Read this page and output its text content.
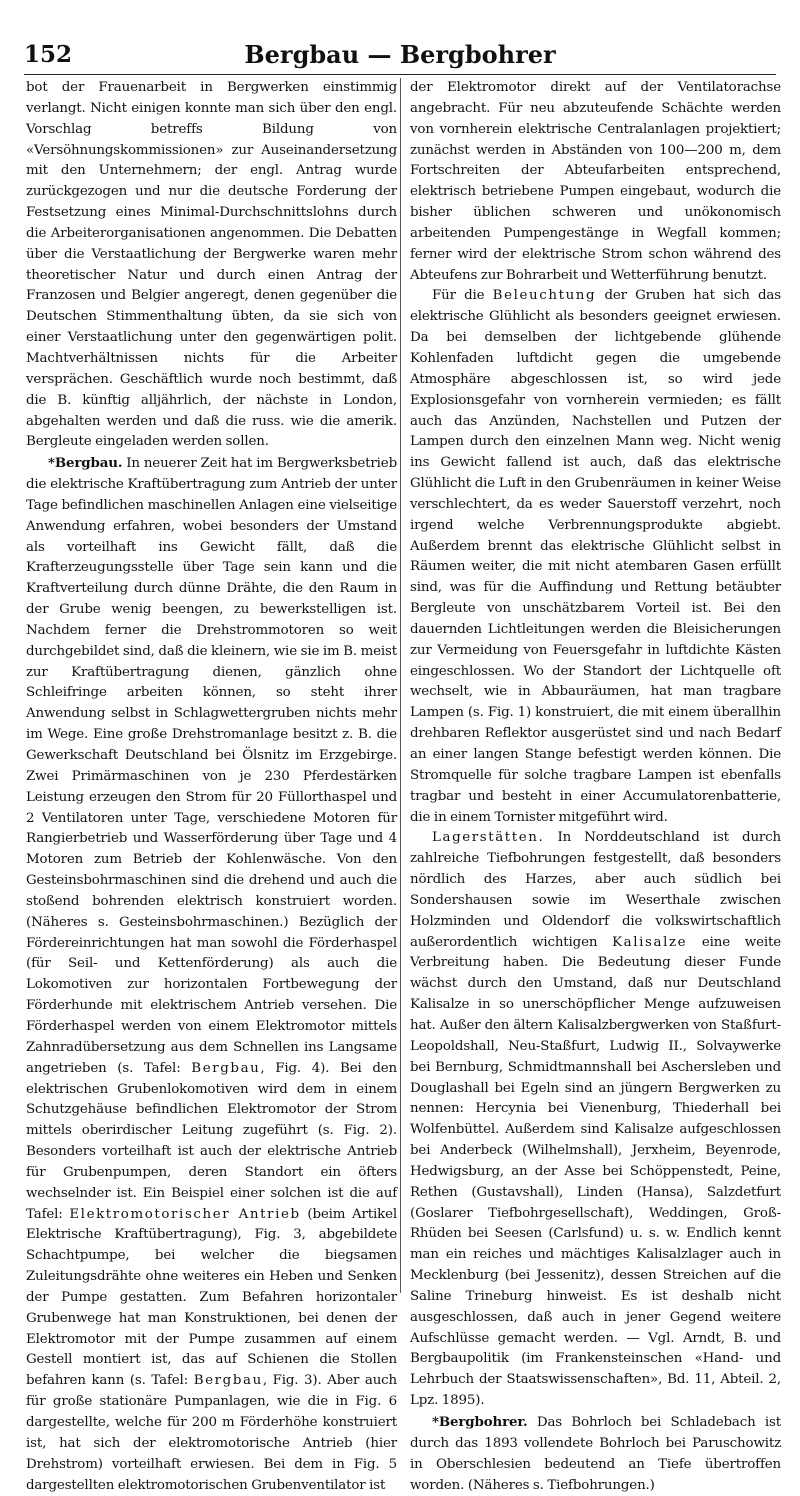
152	Bergbau — Bergbohrer

bot der Frauenarbeit in Bergwerken einstimmig verlangt. Nicht einigen konnte man sich über den engl. Vorschlag betreffs Bildung von «Versöhnungskommissionen» zur Auseinandersetzung mit den Unternehmern; der engl. Antrag wurde zurückgezogen und nur die deutsche Forderung der Festsetzung eines Minimal-Durchschnittslohns durch die Arbeiterorganisationen angenommen. Die Debatten über die Verstaatlichung der Bergwerke waren mehr theoretischer Natur und durch einen Antrag der Franzosen und Belgier angeregt, denen gegenüber die Deutschen Stimmenthaltung übten, da sie sich von einer Verstaatlichung unter den gegenwärtigen polit. Machtverhältnissen nichts für die Arbeiter versprächen. Geschäftlich wurde noch bestimmt, daß die B. künftig alljährlich, der nächste in London, abgehalten werden und daß die russ. wie die amerik. Bergleute eingeladen werden sollen.

*Bergbau. In neuerer Zeit hat im Bergwerksbetrieb die elektrische Kraftübertragung zum Antrieb der unter Tage befindlichen maschinellen Anlagen eine vielseitige Anwendung erfahren, wobei besonders der Umstand als vorteilhaft ins Gewicht fällt, daß die Krafterzeugungsstelle über Tage sein kann und die Kraftverteilung durch dünne Drähte, die den Raum in der Grube wenig beengen, zu bewerkstelligen ist. Nachdem ferner die Drehstrommotoren so weit durchgebildet sind, daß die kleinern, wie sie im B. meist zur Kraftübertragung dienen, gänzlich ohne Schleifringe arbeiten können, so steht ihrer Anwendung selbst in Schlagwettergruben nichts mehr im Wege. Eine große Drehstromanlage besitzt z. B. die Gewerkschaft Deutschland bei Ölsnitz im Erzgebirge. Zwei Primärmaschinen von je 230 Pferdestärken Leistung erzeugen den Strom für 20 Füllorthaspel und 2 Ventilatoren unter Tage, verschiedene Motoren für Rangierbetrieb und Wasserförderung über Tage und 4 Motoren zum Betrieb der Kohlenwäsche. Von den Gesteinsbohrmaschinen sind die drehend und auch die stoßend bohrenden elektrisch konstruiert worden. (Näheres s. Gesteinsbohrmaschinen.) Bezüglich der Fördereinrichtungen hat man sowohl die Förderhaspel (für Seil- und Kettenförderung) als auch die Lokomotiven zur horizontalen Fortbewegung der Förderhunde mit elektrischem Antrieb versehen. Die Förderhaspel werden von einem Elektromotor mittels Zahnradübersetzung aus dem Schnellen ins Langsame angetrieben (s. Tafel: Bergbau, Fig. 4). Bei den elektrischen Grubenlokomotiven wird dem in einem Schutzgehäuse befindlichen Elektromotor der Strom mittels oberirdischer Leitung zugeführt (s. Fig. 2). Besonders vorteilhaft ist auch der elektrische Antrieb für Grubenpumpen, deren Standort ein öfters wechselnder ist. Ein Beispiel einer solchen ist die auf Tafel: Elektromotorischer Antrieb (beim Artikel Elektrische Kraftübertragung), Fig. 3, abgebildete Schachtpumpe, bei welcher die biegsamen Zuleitungsdrähte ohne weiteres ein Heben und Senken der Pumpe gestatten. Zum Befahren horizontaler Grubenwege hat man Konstruktionen, bei denen der Elektromotor mit der Pumpe zusammen auf einem Gestell montiert ist, das auf Schienen die Stollen befahren kann (s. Tafel: Bergbau, Fig. 3). Aber auch für große stationäre Pumpanlagen, wie die in Fig. 6 dargestellte, welche für 200 m Förderhöhe konstruiert ist, hat sich der elektromotorische Antrieb (hier Drehstrom) vorteilhaft erwiesen. Bei dem in Fig. 5 dargestellten elektromotorischen Grubenventilator ist

der Elektromotor direkt auf der Ventilatorachse angebracht. Für neu abzuteufende Schächte werden von vornherein elektrische Centralanlagen projektiert; zunächst werden in Abständen von 100—200 m, dem Fortschreiten der Abteufarbeiten entsprechend, elektrisch betriebene Pumpen eingebaut, wodurch die bisher üblichen schweren und unökonomisch arbeitenden Pumpengestänge in Wegfall kommen; ferner wird der elektrische Strom schon während des Abteufens zur Bohrarbeit und Wetterführung benutzt.

Für die Beleuchtung der Gruben hat sich das elektrische Glühlicht als besonders geeignet erwiesen. Da bei demselben der lichtgebende glühende Kohlenfaden luftdicht gegen die umgebende Atmosphäre abgeschlossen ist, so wird jede Explosionsgefahr von vornherein vermieden; es fällt auch das Anzünden, Nachstellen und Putzen der Lampen durch den einzelnen Mann weg. Nicht wenig ins Gewicht fallend ist auch, daß das elektrische Glühlicht die Luft in den Grubenräumen in keiner Weise verschlechtert, da es weder Sauerstoff verzehrt, noch irgend welche Verbrennungsprodukte abgiebt. Außerdem brennt das elektrische Glühlicht selbst in Räumen weiter, die mit nicht atembaren Gasen erfüllt sind, was für die Auffindung und Rettung betäubter Bergleute von unschätzbarem Vorteil ist. Bei den dauernden Lichtleitungen werden die Bleisicherungen zur Vermeidung von Feuersgefahr in luftdichte Kästen eingeschlossen. Wo der Standort der Lichtquelle oft wechselt, wie in Abbauräumen, hat man tragbare Lampen (s. Fig. 1) konstruiert, die mit einem überallhin drehbaren Reflektor ausgerüstet sind und nach Bedarf an einer langen Stange befestigt werden können. Die Stromquelle für solche tragbare Lampen ist ebenfalls tragbar und besteht in einer Accumulatorenbatterie, die in einem Tornister mitgeführt wird.

Lagerstätten. In Norddeutschland ist durch zahlreiche Tiefbohrungen festgestellt, daß besonders nördlich des Harzes, aber auch südlich bei Sondershausen sowie im Weserthale zwischen Holzminden und Oldendorf die volkswirtschaftlich außerordentlich wichtigen Kalisalze eine weite Verbreitung haben. Die Bedeutung dieser Funde wächst durch den Umstand, daß nur Deutschland Kalisalze in so unerschöpflicher Menge aufzuweisen hat. Außer den ältern Kalisalzbergwerken von Staßfurt-Leopoldshall, Neu-Staßfurt, Ludwig II., Solvaywerke bei Bernburg, Schmidtmannshall bei Aschersleben und Douglashall bei Egeln sind an jüngern Bergwerken zu nennen: Hercynia bei Vienenburg, Thiederhall bei Wolfenbüttel. Außerdem sind Kalisalze aufgeschlossen bei Anderbeck (Wilhelmshall), Jerxheim, Beyenrode, Hedwigsburg, an der Asse bei Schöppenstedt, Peine, Rethen (Gustavshall), Linden (Hansa), Salzdetfurt (Goslarer Tiefbohrgesellschaft), Weddingen, Groß-Rhüden bei Seesen (Carlsfund) u. s. w. Endlich kennt man ein reiches und mächtiges Kalisalzlager auch in Mecklenburg (bei Jessenitz), dessen Streichen auf die Saline Trineburg hinweist. Es ist deshalb nicht ausgeschlossen, daß auch in jener Gegend weitere Aufschlüsse gemacht werden. — Vgl. Arndt, B. und Bergbaupolitik (im Frankensteinschen «Hand- und Lehrbuch der Staatswissenschaften», Bd. 11, Abteil. 2, Lpz. 1895).

*Bergbohrer. Das Bohrloch bei Schladebach ist durch das 1893 vollendete Bohrloch bei Paruschowitz in Oberschlesien bedeutend an Tiefe übertroffen worden. (Näheres s. Tiefbohrungen.)
